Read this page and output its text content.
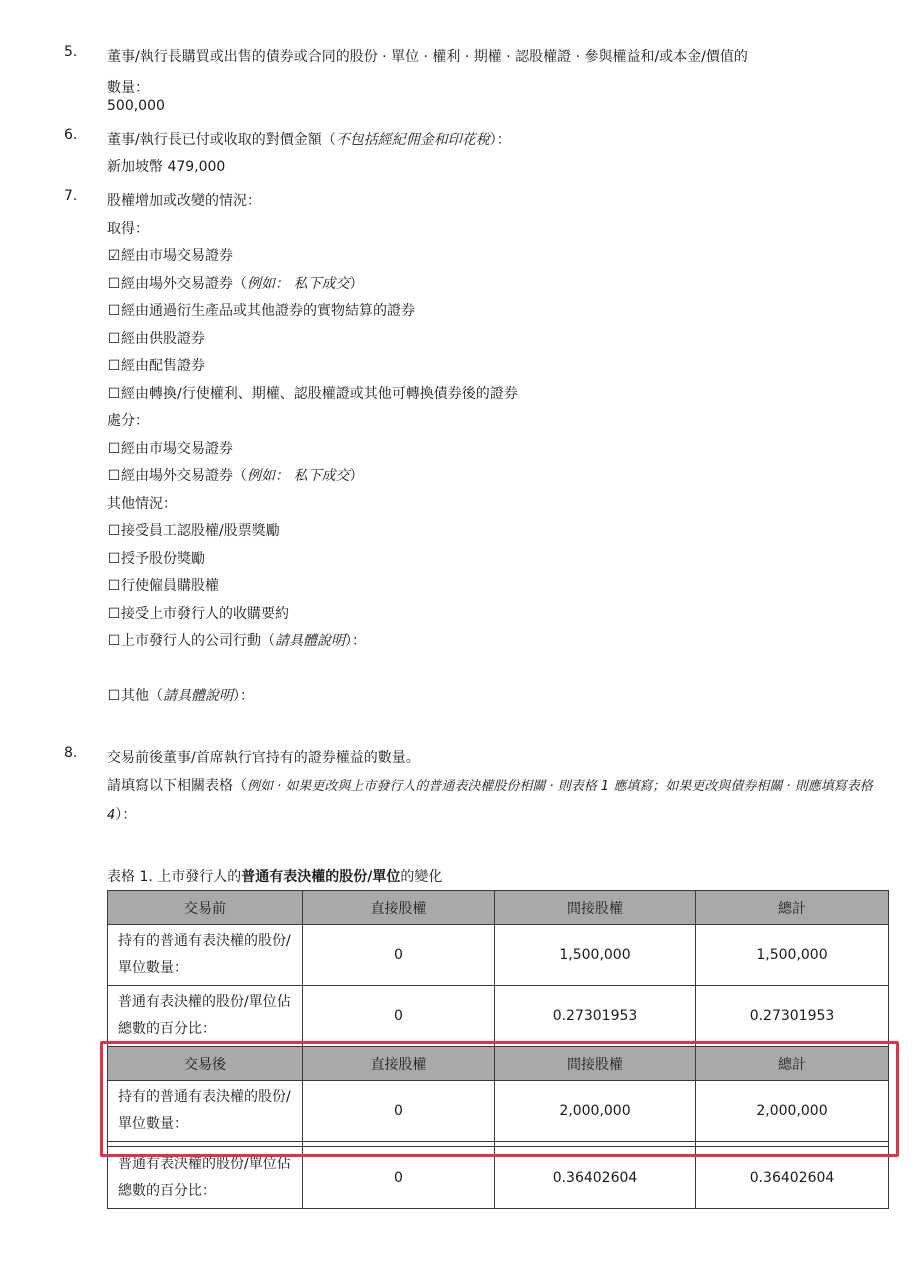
5. 董事/執行長購買或出售的債券或合同的股份 · 單位 · 權利 · 期權 · 認股權證 · 參與權益和/或本金/價值的
數量：
500,000
6. 董事/執行長已付或收取的對價金額（不包括經紀佣金和印花稅）：
新加坡幣 479,000
7. 股權增加或改變的情況：
取得：
☑經由市場交易證券
☐經由場外交易證券（例如： 私下成交）
☐經由通過衍生產品或其他證券的實物結算的證券
☐經由供股證券
☐經由配售證券
☐經由轉換/行使權利、期權、認股權證或其他可轉換債券後的證券
處分：
☐經由市場交易證券
☐經由場外交易證券（例如： 私下成交）
其他情況：
☐接受員工認股權/股票獎勵
☐授予股份獎勵
☐行使僱員購股權
☐接受上市發行人的收購要約
☐上市發行人的公司行動（請具體說明）：
☐其他（請具體說明）：
8. 交易前後董事/首席執行官持有的證券權益的數量。
請填寫以下相關表格（例如 · 如果更改與上市發行人的普通表決權股份相關 · 則表格 1 應填寫；如果更改與債券相關 · 則應填寫表格 4）：
表格 1. 上市發行人的普通有表決權的股份/單位的變化
交易前	直接股權	間接股權	總計
持有的普通有表決權的股份/單位數量：	0	1,500,000	1,500,000
普通有表決權的股份/單位佔總數的百分比：	0	0.27301953	0.27301953
交易後	直接股權	間接股權	總計
持有的普通有表決權的股份/單位數量：	0	2,000,000	2,000,000

普通有表決權的股份/單位佔總數的百分比：	0	0.36402604	0.36402604
